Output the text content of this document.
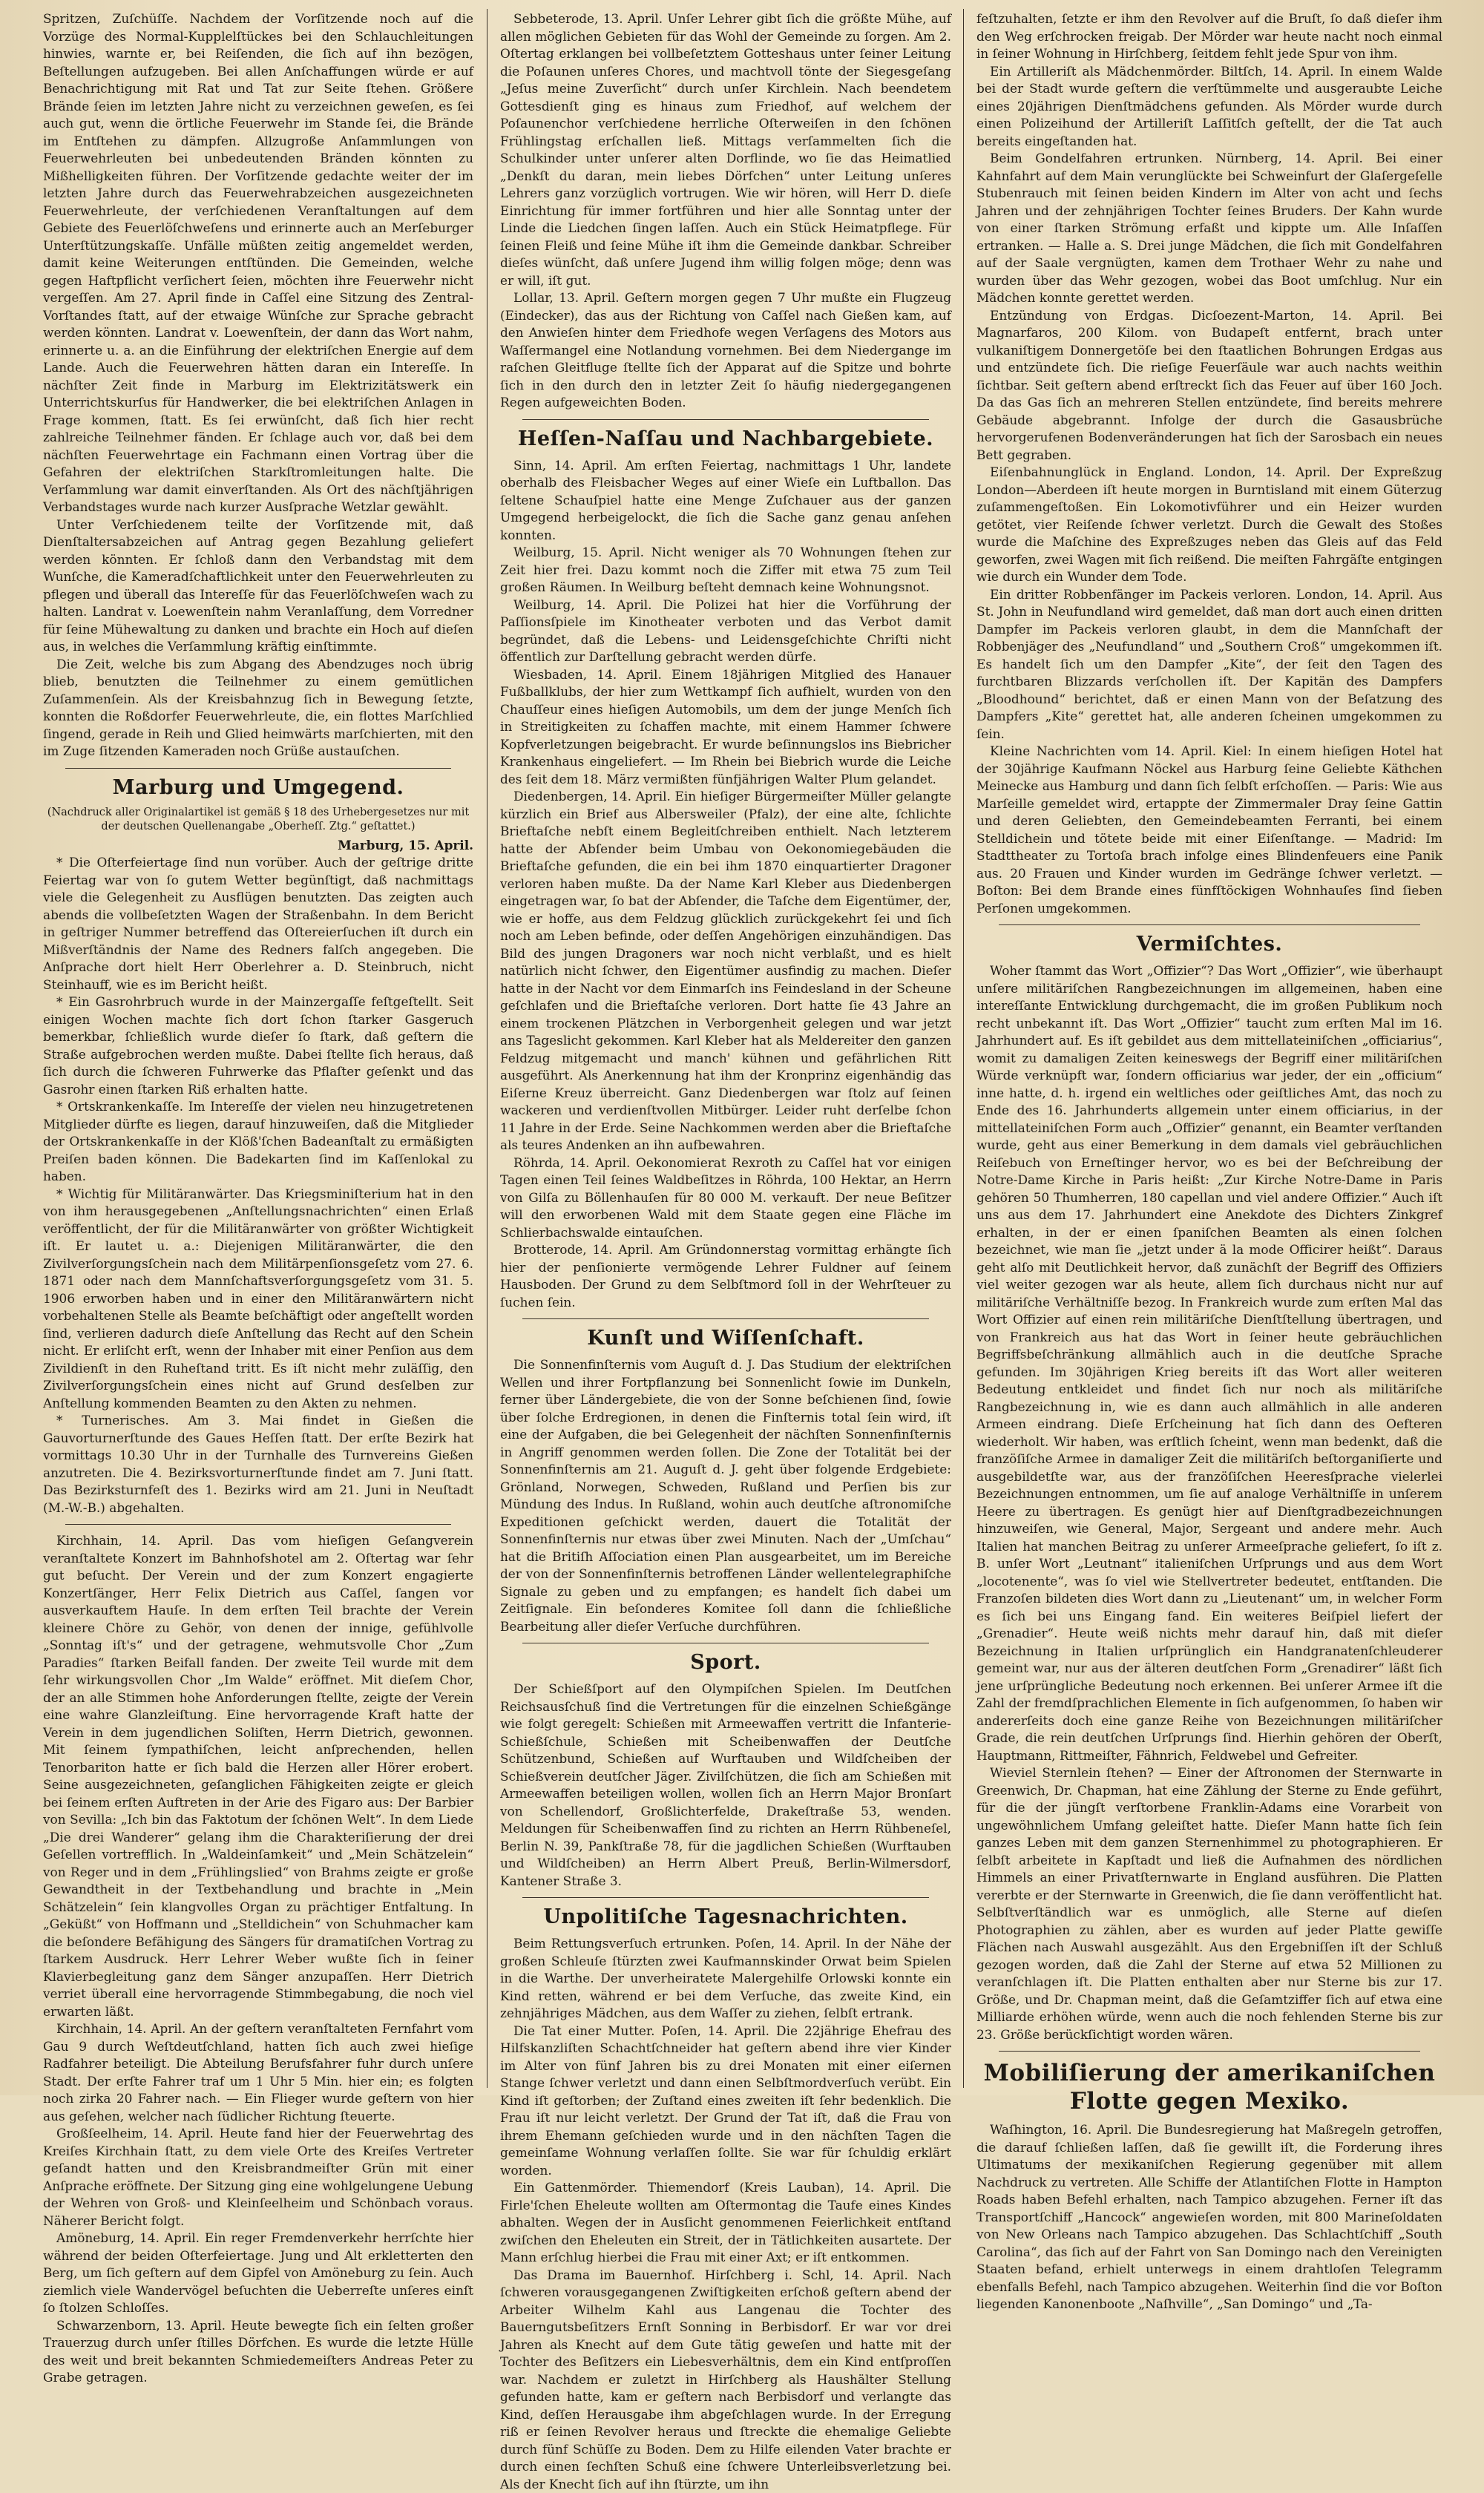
Spritzen, Zuſchüſſe. Nachdem der Vorſitzende noch auf die Vorzüge des Normal-Kupplelſtückes bei den Schlauchleitungen hinwies, warnte er, bei Reiſenden, die ſich auf ihn bezögen, Beſtellungen aufzugeben. Bei allen Anſchaffungen würde er auf Benachrichtigung mit Rat und Tat zur Seite ſtehen. Größere Brände ſeien im letzten Jahre nicht zu verzeichnen geweſen, es ſei auch gut, wenn die örtliche Feuerwehr im Stande ſei, die Brände im Entſtehen zu dämpfen. Allzugroße Anſammlungen von Feuerwehrleuten bei unbedeutenden Bränden könnten zu Mißhelligkeiten führen. Der Vorſitzende gedachte weiter der im letzten Jahre durch das Feuerwehrabzeichen ausgezeichneten Feuerwehrleute, der verſchiedenen Veranſtaltungen auf dem Gebiete des Feuerlöſchweſens und erinnerte auch an Merſeburger Unterſtützungskaſſe. Unfälle müßten zeitig angemeldet werden, damit keine Weiterungen entſtünden. Die Gemeinden, welche gegen Haftpflicht verſichert ſeien, möchten ihre Feuerwehr nicht vergeſſen. Am 27. April finde in Caſſel eine Sitzung des Zentral-Vorſtandes ſtatt, auf der etwaige Wünſche zur Sprache gebracht werden könnten. Landrat v. Loewenſtein, der dann das Wort nahm, erinnerte u. a. an die Einführung der elektriſchen Energie auf dem Lande. Auch die Feuerwehren hätten daran ein Intereſſe. In nächſter Zeit finde in Marburg im Elektrizitätswerk ein Unterrichtskurſus für Handwerker, die bei elektriſchen Anlagen in Frage kommen, ſtatt. Es ſei erwünſcht, daß ſich hier recht zahlreiche Teilnehmer fänden. Er ſchlage auch vor, daß bei dem nächſten Feuerwehrtage ein Fachmann einen Vortrag über die Gefahren der elektriſchen Starkſtromleitungen halte. Die Verſammlung war damit einverſtanden. Als Ort des nächſtjährigen Verbandstages wurde nach kurzer Ausſprache Wetzlar gewählt.

Unter Verſchiedenem teilte der Vorſitzende mit, daß Dienſtaltersabzeichen auf Antrag gegen Bezahlung geliefert werden könnten. Er ſchloß dann den Verbandstag mit dem Wunſche, die Kameradſchaftlichkeit unter den Feuerwehrleuten zu pflegen und überall das Intereſſe für das Feuerlöſchweſen wach zu halten. Landrat v. Loewenſtein nahm Veranlaſſung, dem Vorredner für ſeine Mühewaltung zu danken und brachte ein Hoch auf dieſen aus, in welches die Verſammlung kräftig einſtimmte.

Die Zeit, welche bis zum Abgang des Abendzuges noch übrig blieb, benutzten die Teilnehmer zu einem gemütlichen Zuſammenſein. Als der Kreisbahnzug ſich in Bewegung ſetzte, konnten die Roßdorfer Feuerwehrleute, die, ein flottes Marſchlied ſingend, gerade in Reih und Glied heimwärts marſchierten, mit den im Zuge ſitzenden Kameraden noch Grüße austauſchen.

Marburg und Umgegend.
(Nachdruck aller Originalartikel ist gemäß § 18 des Urhebergesetzes nur mit der deutschen Quellenangabe „Oberheſſ. Ztg.“ geſtattet.)
Marburg, 15. April.

* Die Oſterfeiertage ſind nun vorüber. Auch der geſtrige dritte Feiertag war von ſo gutem Wetter begünſtigt, daß nachmittags viele die Gelegenheit zu Ausflügen benutzten. Das zeigten auch abends die vollbeſetzten Wagen der Straßenbahn. In dem Bericht in geſtriger Nummer betreffend das Oſtereierſuchen iſt durch ein Mißverſtändnis der Name des Redners falſch angegeben. Die Anſprache dort hielt Herr Oberlehrer a. D. Steinbruch, nicht Steinhauff, wie es im Bericht heißt.

* Ein Gasrohrbruch wurde in der Mainzergaſſe feſtgeſtellt. Seit einigen Wochen machte ſich dort ſchon ſtarker Gasgeruch bemerkbar, ſchließlich wurde dieſer ſo ſtark, daß geſtern die Straße aufgebrochen werden mußte. Dabei ſtellte ſich heraus, daß ſich durch die ſchweren Fuhrwerke das Pflaſter geſenkt und das Gasrohr einen ſtarken Riß erhalten hatte.

* Ortskrankenkaſſe. Im Intereſſe der vielen neu hinzugetretenen Mitglieder dürfte es liegen, darauf hinzuweiſen, daß die Mitglieder der Ortskrankenkaſſe in der Klöß'ſchen Badeanſtalt zu ermäßigten Preiſen baden können. Die Badekarten ſind im Kaſſenlokal zu haben.

* Wichtig für Militäranwärter. Das Kriegsminiſterium hat in den von ihm herausgegebenen „Anſtellungsnachrichten“ einen Erlaß veröffentlicht, der für die Militäranwärter von größter Wichtigkeit iſt. Er lautet u. a.: Diejenigen Militäranwärter, die den Zivilverſorgungsſchein nach dem Militärpenſionsgeſetz vom 27. 6. 1871 oder nach dem Mannſchaftsverſorgungsgeſetz vom 31. 5. 1906 erworben haben und in einer den Militäranwärtern nicht vorbehaltenen Stelle als Beamte beſchäftigt oder angeſtellt worden ſind, verlieren dadurch dieſe Anſtellung das Recht auf den Schein nicht. Er erliſcht erſt, wenn der Inhaber mit einer Penſion aus dem Zivildienſt in den Ruheſtand tritt. Es iſt nicht mehr zuläſſig, den Zivilverſorgungsſchein eines nicht auf Grund desſelben zur Anſtellung kommenden Beamten zu den Akten zu nehmen.

* Turnerisches. Am 3. Mai findet in Gießen die Gauvorturnerſtunde des Gaues Heſſen ſtatt. Der erſte Bezirk hat vormittags 10.30 Uhr in der Turnhalle des Turnvereins Gießen anzutreten. Die 4. Bezirksvorturnerſtunde findet am 7. Juni ſtatt. Das Bezirksturnfeſt des 1. Bezirks wird am 21. Juni in Neuſtadt (M.-W.-B.) abgehalten.

Kirchhain, 14. April. Das vom hieſigen Geſangverein veranſtaltete Konzert im Bahnhofshotel am 2. Oſtertag war ſehr gut beſucht. Der Verein und der zum Konzert engagierte Konzertſänger, Herr Felix Dietrich aus Caſſel, ſangen vor ausverkauftem Hauſe. In dem erſten Teil brachte der Verein kleinere Chöre zu Gehör, von denen der innige, gefühlvolle „Sonntag iſt's“ und der getragene, wehmutsvolle Chor „Zum Paradies“ ſtarken Beifall fanden. Der zweite Teil wurde mit dem ſehr wirkungsvollen Chor „Im Walde“ eröffnet. Mit dieſem Chor, der an alle Stimmen hohe Anforderungen ſtellte, zeigte der Verein eine wahre Glanzleiſtung. Eine hervorragende Kraft hatte der Verein in dem jugendlichen Soliſten, Herrn Dietrich, gewonnen. Mit ſeinem ſympathiſchen, leicht anſprechenden, hellen Tenorbariton hatte er ſich bald die Herzen aller Hörer erobert. Seine ausgezeichneten, geſanglichen Fähigkeiten zeigte er gleich bei ſeinem erſten Auftreten in der Arie des Figaro aus: Der Barbier von Sevilla: „Ich bin das Faktotum der ſchönen Welt“. In dem Liede „Die drei Wanderer“ gelang ihm die Charakteriſierung der drei Geſellen vortrefflich. In „Waldeinſamkeit“ und „Mein Schätzelein“ von Reger und in dem „Frühlingslied“ von Brahms zeigte er große Gewandtheit in der Textbehandlung und brachte in „Mein Schätzelein“ ſein klangvolles Organ zu prächtiger Entfaltung. In „Geküßt“ von Hoffmann und „Stelldichein“ von Schuhmacher kam die beſondere Befähigung des Sängers für dramatiſchen Vortrag zu ſtarkem Ausdruck. Herr Lehrer Weber wußte ſich in ſeiner Klavierbegleitung ganz dem Sänger anzupaſſen. Herr Dietrich verriet überall eine hervorragende Stimmbegabung, die noch viel erwarten läßt.

Kirchhain, 14. April. An der geſtern veranſtalteten Fernfahrt vom Gau 9 durch Weſtdeutſchland, hatten ſich auch zwei hieſige Radfahrer beteiligt. Die Abteilung Berufsfahrer fuhr durch unſere Stadt. Der erſte Fahrer traf um 1 Uhr 5 Min. hier ein; es folgten noch zirka 20 Fahrer nach. — Ein Flieger wurde geſtern von hier aus geſehen, welcher nach ſüdlicher Richtung ſteuerte.

Großſeelheim, 14. April. Heute fand hier der Feuerwehrtag des Kreiſes Kirchhain ſtatt, zu dem viele Orte des Kreiſes Vertreter geſandt hatten und den Kreisbrandmeiſter Grün mit einer Anſprache eröffnete. Der Sitzung ging eine wohlgelungene Uebung der Wehren von Groß- und Kleinſeelheim und Schönbach voraus. Näherer Bericht folgt.

Amöneburg, 14. April. Ein reger Fremdenverkehr herrſchte hier während der beiden Oſterfeiertage. Jung und Alt erkletterten den Berg, um ſich geſtern auf dem Gipfel von Amöneburg zu ſein. Auch ziemlich viele Wandervögel beſuchten die Ueberreſte unſeres einſt ſo ſtolzen Schloſſes.

Schwarzenborn, 13. April. Heute bewegte ſich ein ſelten großer Trauerzug durch unſer ſtilles Dörfchen. Es wurde die letzte Hülle des weit und breit bekannten Schmiedemeiſters Andreas Peter zu Grabe getragen.

Sebbeterode, 13. April. Unſer Lehrer gibt ſich die größte Mühe, auf allen möglichen Gebieten für das Wohl der Gemeinde zu ſorgen. Am 2. Oſtertag erklangen bei vollbeſetztem Gotteshaus unter ſeiner Leitung die Poſaunen unſeres Chores, und machtvoll tönte der Siegesgeſang „Jeſus meine Zuverſicht“ durch unſer Kirchlein. Nach beendetem Gottesdienſt ging es hinaus zum Friedhof, auf welchem der Poſaunenchor verſchiedene herrliche Oſterweiſen in den ſchönen Frühlingstag erſchallen ließ. Mittags verſammelten ſich die Schulkinder unter unſerer alten Dorflinde, wo ſie das Heimatlied „Denkſt du daran, mein liebes Dörfchen“ unter Leitung unſeres Lehrers ganz vorzüglich vortrugen. Wie wir hören, will Herr D. dieſe Einrichtung für immer fortführen und hier alle Sonntag unter der Linde die Liedchen ſingen laſſen. Auch ein Stück Heimatpflege. Für ſeinen Fleiß und ſeine Mühe iſt ihm die Gemeinde dankbar. Schreiber dieſes wünſcht, daß unſere Jugend ihm willig folgen möge; denn was er will, iſt gut.

Lollar, 13. April. Geſtern morgen gegen 7 Uhr mußte ein Flugzeug (Eindecker), das aus der Richtung von Caſſel nach Gießen kam, auf den Anwieſen hinter dem Friedhofe wegen Verſagens des Motors aus Waſſermangel eine Notlandung vornehmen. Bei dem Niedergange im raſchen Gleitfluge ſtellte ſich der Apparat auf die Spitze und bohrte ſich in den durch den in letzter Zeit ſo häufig niedergegangenen Regen aufgeweichten Boden.

Heſſen-Naſſau und Nachbargebiete.

Sinn, 14. April. Am erſten Feiertag, nachmittags 1 Uhr, landete oberhalb des Fleisbacher Weges auf einer Wieſe ein Luftballon. Das ſeltene Schauſpiel hatte eine Menge Zuſchauer aus der ganzen Umgegend herbeigelockt, die ſich die Sache ganz genau anſehen konnten.

Weilburg, 15. April. Nicht weniger als 70 Wohnungen ſtehen zur Zeit hier frei. Dazu kommt noch die Ziffer mit etwa 75 zum Teil großen Räumen. In Weilburg beſteht demnach keine Wohnungsnot.

Weilburg, 14. April. Die Polizei hat hier die Vorführung der Paſſionsſpiele im Kinotheater verboten und das Verbot damit begründet, daß die Lebens- und Leidensgeſchichte Chriſti nicht öffentlich zur Darſtellung gebracht werden dürfe.

Wiesbaden, 14. April. Einem 18jährigen Mitglied des Hanauer Fußballklubs, der hier zum Wettkampf ſich aufhielt, wurden von den Chauſſeur eines hieſigen Automobils, um dem der junge Menſch ſich in Streitigkeiten zu ſchaffen machte, mit einem Hammer ſchwere Kopfverletzungen beigebracht. Er wurde beſinnungslos ins Biebricher Krankenhaus eingeliefert. — Im Rhein bei Biebrich wurde die Leiche des ſeit dem 18. März vermißten fünfjährigen Walter Plum gelandet.

Diedenbergen, 14. April. Ein hieſiger Bürgermeiſter Müller gelangte kürzlich ein Brief aus Albersweiler (Pfalz), der eine alte, ſchlichte Brieftaſche nebſt einem Begleitſchreiben enthielt. Nach letzterem hatte der Abſender beim Umbau von Oekonomiegebäuden die Brieftaſche gefunden, die ein bei ihm 1870 einquartierter Dragoner verloren haben mußte. Da der Name Karl Kleber aus Diedenbergen eingetragen war, ſo bat der Abſender, die Taſche dem Eigentümer, der, wie er hoffe, aus dem Feldzug glücklich zurückgekehrt ſei und ſich noch am Leben befinde, oder deſſen Angehörigen einzuhändigen. Das Bild des jungen Dragoners war noch nicht verblaßt, und es hielt natürlich nicht ſchwer, den Eigentümer ausfindig zu machen. Dieſer hatte in der Nacht vor dem Einmarſch ins Feindesland in der Scheune geſchlafen und die Brieftaſche verloren. Dort hatte ſie 43 Jahre an einem trockenen Plätzchen in Verborgenheit gelegen und war jetzt ans Tageslicht gekommen. Karl Kleber hat als Meldereiter den ganzen Feldzug mitgemacht und manch' kühnen und gefährlichen Ritt ausgeführt. Als Anerkennung hat ihm der Kronprinz eigenhändig das Eiſerne Kreuz überreicht. Ganz Diedenbergen war ſtolz auf ſeinen wackeren und verdienſtvollen Mitbürger. Leider ruht derſelbe ſchon 11 Jahre in der Erde. Seine Nachkommen werden aber die Brieftaſche als teures Andenken an ihn aufbewahren.

Röhrda, 14. April. Oekonomierat Rexroth zu Caſſel hat vor einigen Tagen einen Teil ſeines Waldbeſitzes in Röhrda, 100 Hektar, an Herrn von Gilſa zu Böllenhauſen für 80 000 M. verkauft. Der neue Beſitzer will den erworbenen Wald mit dem Staate gegen eine Fläche im Schlierbachswalde eintauſchen.

Brotterode, 14. April. Am Gründonnerstag vormittag erhängte ſich hier der penſionierte vermögende Lehrer Fuldner auf ſeinem Hausboden. Der Grund zu dem Selbſtmord ſoll in der Wehrſteuer zu ſuchen ſein.

Kunſt und Wiſſenſchaft.

Die Sonnenfinſternis vom Auguſt d. J. Das Studium der elektriſchen Wellen und ihrer Fortpflanzung bei Sonnenlicht ſowie im Dunkeln, ferner über Ländergebiete, die von der Sonne beſchienen ſind, ſowie über ſolche Erdregionen, in denen die Finſternis total ſein wird, iſt eine der Aufgaben, die bei Gelegenheit der nächſten Sonnenfinſternis in Angriff genommen werden ſollen. Die Zone der Totalität bei der Sonnenfinſternis am 21. Auguſt d. J. geht über folgende Erdgebiete: Grönland, Norwegen, Schweden, Rußland und Perſien bis zur Mündung des Indus. In Rußland, wohin auch deutſche aſtronomiſche Expeditionen geſchickt werden, dauert die Totalität der Sonnenfinſternis nur etwas über zwei Minuten. Nach der „Umſchau“ hat die Britiſh Aſſociation einen Plan ausgearbeitet, um im Bereiche der von der Sonnenfinſternis betroffenen Länder wellentelegraphiſche Signale zu geben und zu empfangen; es handelt ſich dabei um Zeitſignale. Ein beſonderes Komitee ſoll dann die ſchließliche Bearbeitung aller dieſer Verſuche durchführen.

Sport.

Der Schießſport auf den Olympiſchen Spielen. Im Deutſchen Reichsausſchuß ſind die Vertretungen für die einzelnen Schießgänge wie folgt geregelt: Schießen mit Armeewaffen vertritt die Infanterie-Schießſchule, Schießen mit Scheibenwaffen der Deutſche Schützenbund, Schießen auf Wurftauben und Wildſcheiben der Schießverein deutſcher Jäger. Zivilſchützen, die ſich am Schießen mit Armeewaffen beteiligen wollen, wollen ſich an Herrn Major Bronſart von Schellendorf, Großlichterfelde, Drakeſtraße 53, wenden. Meldungen für Scheibenwaffen ſind zu richten an Herrn Rühbeneſel, Berlin N. 39, Pankſtraße 78, für die jagdlichen Schießen (Wurftauben und Wildſcheiben) an Herrn Albert Preuß, Berlin-Wilmersdorf, Kantener Straße 3.

Unpolitiſche Tagesnachrichten.

Beim Rettungsverſuch ertrunken. Poſen, 14. April. In der Nähe der großen Schleuſe ſtürzten zwei Kaufmannskinder Orwat beim Spielen in die Warthe. Der unverheiratete Malergehilfe Orlowski konnte ein Kind retten, während er bei dem Verſuche, das zweite Kind, ein zehnjähriges Mädchen, aus dem Waſſer zu ziehen, ſelbſt ertrank.

Die Tat einer Mutter. Poſen, 14. April. Die 22jährige Ehefrau des Hilfskanzliſten Schachtſchneider hat geſtern abend ihre vier Kinder im Alter von fünf Jahren bis zu drei Monaten mit einer eiſernen Stange ſchwer verletzt und dann einen Selbſtmordverſuch verübt. Ein Kind iſt geſtorben; der Zuſtand eines zweiten iſt ſehr bedenklich. Die Frau iſt nur leicht verletzt. Der Grund der Tat iſt, daß die Frau von ihrem Ehemann geſchieden wurde und in den nächſten Tagen die gemeinſame Wohnung verlaſſen ſollte. Sie war für ſchuldig erklärt worden.

Ein Gattenmörder. Thiemendorf (Kreis Lauban), 14. April. Die Firle'ſchen Eheleute wollten am Oſtermontag die Taufe eines Kindes abhalten. Wegen der in Ausſicht genommenen Feierlichkeit entſtand zwiſchen den Eheleuten ein Streit, der in Tätlichkeiten ausartete. Der Mann erſchlug hierbei die Frau mit einer Axt; er iſt entkommen.

Das Drama im Bauernhof. Hirſchberg i. Schl, 14. April. Nach ſchweren vorausgegangenen Zwiſtigkeiten erſchoß geſtern abend der Arbeiter Wilhelm Kahl aus Langenau die Tochter des Bauerngutsbeſitzers Ernſt Sonning in Berbisdorf. Er war vor drei Jahren als Knecht auf dem Gute tätig geweſen und hatte mit der Tochter des Beſitzers ein Liebesverhältnis, dem ein Kind entſproſſen war. Nachdem er zuletzt in Hirſchberg als Haushälter Stellung gefunden hatte, kam er geſtern nach Berbisdorf und verlangte das Kind, deſſen Herausgabe ihm abgeſchlagen wurde. In der Erregung riß er ſeinen Revolver heraus und ſtreckte die ehemalige Geliebte durch fünf Schüſſe zu Boden. Dem zu Hilfe eilenden Vater brachte er durch einen ſechſten Schuß eine ſchwere Unterleibsverletzung bei. Als der Knecht ſich auf ihn ſtürzte, um ihn

feſtzuhalten, ſetzte er ihm den Revolver auf die Bruſt, ſo daß dieſer ihm den Weg erſchrocken freigab. Der Mörder war heute nacht noch einmal in ſeiner Wohnung in Hirſchberg, ſeitdem fehlt jede Spur von ihm.

Ein Artilleriſt als Mädchenmörder. Biltſch, 14. April. In einem Walde bei der Stadt wurde geſtern die verſtümmelte und ausgeraubte Leiche eines 20jährigen Dienſtmädchens gefunden. Als Mörder wurde durch einen Polizeihund der Artilleriſt Laſſitſch geſtellt, der die Tat auch bereits eingeſtanden hat.

Beim Gondelfahren ertrunken. Nürnberg, 14. April. Bei einer Kahnfahrt auf dem Main verunglückte bei Schweinfurt der Glaſergeſelle Stubenrauch mit ſeinen beiden Kindern im Alter von acht und ſechs Jahren und der zehnjährigen Tochter ſeines Bruders. Der Kahn wurde von einer ſtarken Strömung erfaßt und kippte um. Alle Inſaſſen ertranken. — Halle a. S. Drei junge Mädchen, die ſich mit Gondelfahren auf der Saale vergnügten, kamen dem Trothaer Wehr zu nahe und wurden über das Wehr gezogen, wobei das Boot umſchlug. Nur ein Mädchen konnte gerettet werden.

Entzündung von Erdgas. Dicſoezent-Marton, 14. April. Bei Magnarfaros, 200 Kilom. von Budapeſt entfernt, brach unter vulkaniſtigem Donnergetöſe bei den ſtaatlichen Bohrungen Erdgas aus und entzündete ſich. Die rieſige Feuerſäule war auch nachts weithin ſichtbar. Seit geſtern abend erſtreckt ſich das Feuer auf über 160 Joch. Da das Gas ſich an mehreren Stellen entzündete, ſind bereits mehrere Gebäude abgebrannt. Infolge der durch die Gasausbrüche hervorgerufenen Bodenveränderungen hat ſich der Sarosbach ein neues Bett gegraben.

Eiſenbahnunglück in England. London, 14. April. Der Expreßzug London—Aberdeen iſt heute morgen in Burntisland mit einem Güterzug zuſammengeſtoßen. Ein Lokomotivführer und ein Heizer wurden getötet, vier Reiſende ſchwer verletzt. Durch die Gewalt des Stoßes wurde die Maſchine des Expreßzuges neben das Gleis auf das Feld geworfen, zwei Wagen mit ſich reißend. Die meiſten Fahrgäſte entgingen wie durch ein Wunder dem Tode.

Ein dritter Robbenfänger im Packeis verloren. London, 14. April. Aus St. John in Neufundland wird gemeldet, daß man dort auch einen dritten Dampfer im Packeis verloren glaubt, in dem die Mannſchaft der Robbenjäger des „Neufundland“ und „Southern Croß“ umgekommen iſt. Es handelt ſich um den Dampfer „Kite“, der ſeit den Tagen des furchtbaren Blizzards verſchollen iſt. Der Kapitän des Dampfers „Bloodhound“ berichtet, daß er einen Mann von der Beſatzung des Dampfers „Kite“ gerettet hat, alle anderen ſcheinen umgekommen zu ſein.

Kleine Nachrichten vom 14. April. Kiel: In einem hieſigen Hotel hat der 30jährige Kaufmann Nöckel aus Harburg ſeine Geliebte Käthchen Meinecke aus Hamburg und dann ſich ſelbſt erſchoſſen. — Paris: Wie aus Marſeille gemeldet wird, ertappte der Zimmermaler Dray ſeine Gattin und deren Geliebten, den Gemeindebeamten Ferranti, bei einem Stelldichein und tötete beide mit einer Eiſenſtange. — Madrid: Im Stadttheater zu Tortoſa brach infolge eines Blindenfeuers eine Panik aus. 20 Frauen und Kinder wurden im Gedränge ſchwer verletzt. — Boſton: Bei dem Brande eines fünfſtöckigen Wohnhauſes ſind ſieben Perſonen umgekommen.

Vermiſchtes.

Woher ſtammt das Wort „Offizier“? Das Wort „Offizier“, wie überhaupt unſere militäriſchen Rangbezeichnungen im allgemeinen, haben eine intereſſante Entwicklung durchgemacht, die im großen Publikum noch recht unbekannt iſt. Das Wort „Offizier“ taucht zum erſten Mal im 16. Jahrhundert auf. Es iſt gebildet aus dem mittellateiniſchen „officiarius“, womit zu damaligen Zeiten keineswegs der Begriff einer militäriſchen Würde verknüpft war, ſondern officiarius war jeder, der ein „officium“ inne hatte, d. h. irgend ein weltliches oder geiſtliches Amt, das noch zu Ende des 16. Jahrhunderts allgemein unter einem officiarius, in der mittellateiniſchen Form auch „Offizier“ genannt, ein Beamter verſtanden wurde, geht aus einer Bemerkung in dem damals viel gebräuchlichen Reiſebuch von Erneſtinger hervor, wo es bei der Beſchreibung der Notre-Dame Kirche in Paris heißt: „Zur Kirche Notre-Dame in Paris gehören 50 Thumherren, 180 capellan und viel andere Offizier.“ Auch iſt uns aus dem 17. Jahrhundert eine Anekdote des Dichters Zinkgref erhalten, in der er einen ſpaniſchen Beamten als einen ſolchen bezeichnet, wie man ſie „jetzt under ä la mode Officirer heißt“. Daraus geht alſo mit Deutlichkeit hervor, daß zunächſt der Begriff des Offiziers viel weiter gezogen war als heute, allem ſich durchaus nicht nur auf militäriſche Verhältniſſe bezog. In Frankreich wurde zum erſten Mal das Wort Offizier auf einen rein militäriſche Dienſtſtellung übertragen, und von Frankreich aus hat das Wort in ſeiner heute gebräuchlichen Begriffsbeſchränkung allmählich auch in die deutſche Sprache gefunden. Im 30jährigen Krieg bereits iſt das Wort aller weiteren Bedeutung entkleidet und findet ſich nur noch als militäriſche Rangbezeichnung in, wie es dann auch allmählich in alle anderen Armeen eindrang. Dieſe Erſcheinung hat ſich dann des Oefteren wiederholt. Wir haben, was erſtlich ſcheint, wenn man bedenkt, daß die franzöſiſche Armee in damaliger Zeit die militäriſch beſtorganiſierte und ausgebildetſte war, aus der franzöſiſchen Heeresſprache vielerlei Bezeichnungen entnommen, um ſie auf analoge Verhältniſſe in unſerem Heere zu übertragen. Es genügt hier auf Dienſtgradbezeichnungen hinzuweiſen, wie General, Major, Sergeant und andere mehr. Auch Italien hat manchen Beitrag zu unſerer Armeeſprache geliefert, ſo iſt z. B. unſer Wort „Leutnant“ italieniſchen Urſprungs und aus dem Wort „locotenente“, was ſo viel wie Stellvertreter bedeutet, entſtanden. Die Franzoſen bildeten dies Wort dann zu „Lieutenant“ um, in welcher Form es ſich bei uns Eingang fand. Ein weiteres Beiſpiel liefert der „Grenadier“. Heute weiß nichts mehr darauf hin, daß mit dieſer Bezeichnung in Italien urſprünglich ein Handgranatenſchleuderer gemeint war, nur aus der älteren deutſchen Form „Grenadirer“ läßt ſich jene urſprüngliche Bedeutung noch erkennen. Bei unſerer Armee iſt die Zahl der fremdſprachlichen Elemente in ſich aufgenommen, ſo haben wir andererſeits doch eine ganze Reihe von Bezeichnungen militäriſcher Grade, die rein deutſchen Urſprungs ſind. Hierhin gehören der Oberſt, Hauptmann, Rittmeiſter, Fähnrich, Feldwebel und Gefreiter.

Wieviel Sternlein ſtehen? — Einer der Aſtronomen der Sternwarte in Greenwich, Dr. Chapman, hat eine Zählung der Sterne zu Ende geführt, für die der jüngſt verſtorbene Franklin-Adams eine Vorarbeit von ungewöhnlichem Umfang geleiſtet hatte. Dieſer Mann hatte ſich ſein ganzes Leben mit dem ganzen Sternenhimmel zu photographieren. Er ſelbſt arbeitete in Kapſtadt und ließ die Aufnahmen des nördlichen Himmels an einer Privatſternwarte in England ausführen. Die Platten vererbte er der Sternwarte in Greenwich, die ſie dann veröffentlicht hat. Selbſtverſtändlich war es unmöglich, alle Sterne auf dieſen Photographien zu zählen, aber es wurden auf jeder Platte gewiſſe Flächen nach Auswahl ausgezählt. Aus den Ergebniſſen iſt der Schluß gezogen worden, daß die Zahl der Sterne auf etwa 52 Millionen zu veranſchlagen iſt. Die Platten enthalten aber nur Sterne bis zur 17. Größe, und Dr. Chapman meint, daß die Geſamtziffer ſich auf etwa eine Milliarde erhöhen würde, wenn auch die noch fehlenden Sterne bis zur 23. Größe berückſichtigt worden wären.

Mobiliſierung der amerikaniſchen Flotte gegen Mexiko.

Waſhington, 16. April. Die Bundesregierung hat Maßregeln getroffen, die darauf ſchließen laſſen, daß ſie gewillt iſt, die Forderung ihres Ultimatums der mexikaniſchen Regierung gegenüber mit allem Nachdruck zu vertreten. Alle Schiffe der Atlantiſchen Flotte in Hampton Roads haben Befehl erhalten, nach Tampico abzugehen. Ferner iſt das Transportſchiff „Hancock“ angewieſen worden, mit 800 Marineſoldaten von New Orleans nach Tampico abzugehen. Das Schlachtſchiff „South Carolina“, das ſich auf der Fahrt von San Domingo nach den Vereinigten Staaten befand, erhielt unterwegs in einem drahtloſen Telegramm ebenfalls Befehl, nach Tampico abzugehen. Weiterhin ſind die vor Boſton liegenden Kanonenboote „Naſhville“, „San Domingo“ und „Ta-
